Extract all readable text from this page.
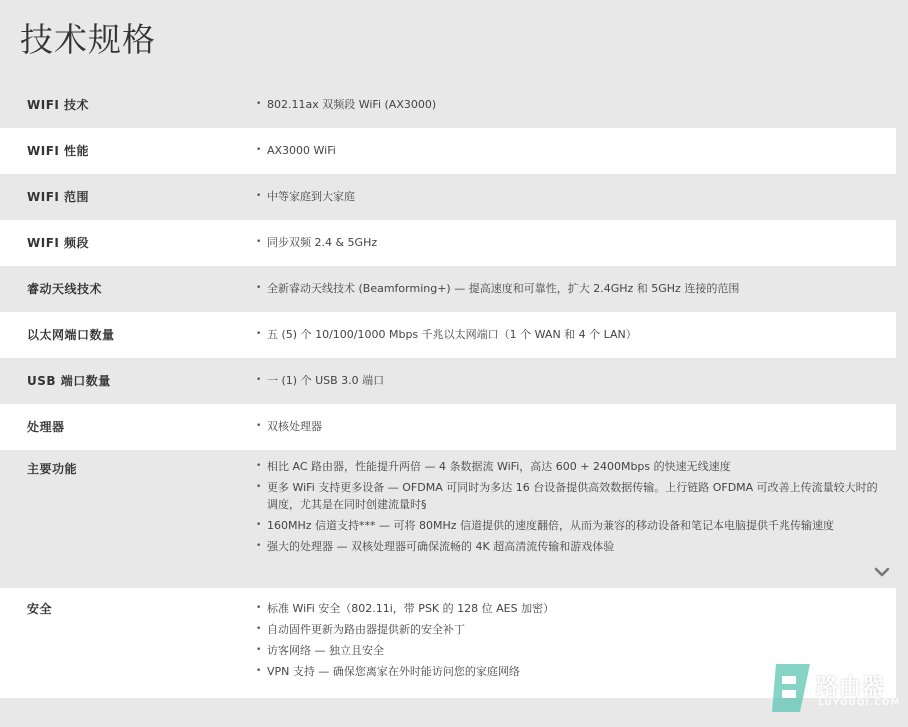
技术规格
WIFI 技术	• 802.11ax 双频段 WiFi (AX3000)
WIFI 性能	• AX3000 WiFi
WIFI 范围	• 中等家庭到大家庭
WIFI 频段	• 同步双频 2.4 & 5GHz
睿动天线技术	• 全新睿动天线技术 (Beamforming+) — 提高速度和可靠性，扩大 2.4GHz 和 5GHz 连接的范围
以太网端口数量	• 五 (5) 个 10/100/1000 Mbps 千兆以太网端口（1 个 WAN 和 4 个 LAN）
USB 端口数量	• 一 (1) 个 USB 3.0 端口
处理器	• 双核处理器
主要功能	• 相比 AC 路由器，性能提升两倍 — 4 条数据流 WiFi，高达 600 + 2400Mbps 的快速无线速度
• 更多 WiFi 支持更多设备 — OFDMA 可同时为多达 16 台设备提供高效数据传输。上行链路 OFDMA 可改善上传流量较大时的调度，尤其是在同时创建流量时§
• 160MHz 信道支持*** — 可将 80MHz 信道提供的速度翻倍，从而为兼容的移动设备和笔记本电脑提供千兆传输速度
• 强大的处理器 — 双核处理器可确保流畅的 4K 超高清流传输和游戏体验
安全	• 标准 WiFi 安全（802.11i，带 PSK 的 128 位 AES 加密）
• 自动固件更新为路由器提供新的安全补丁
• 访客网络 — 独立且安全
• VPN 支持 — 确保您离家在外时能访问您的家庭网络
路由器
LUYOUQI.COM
